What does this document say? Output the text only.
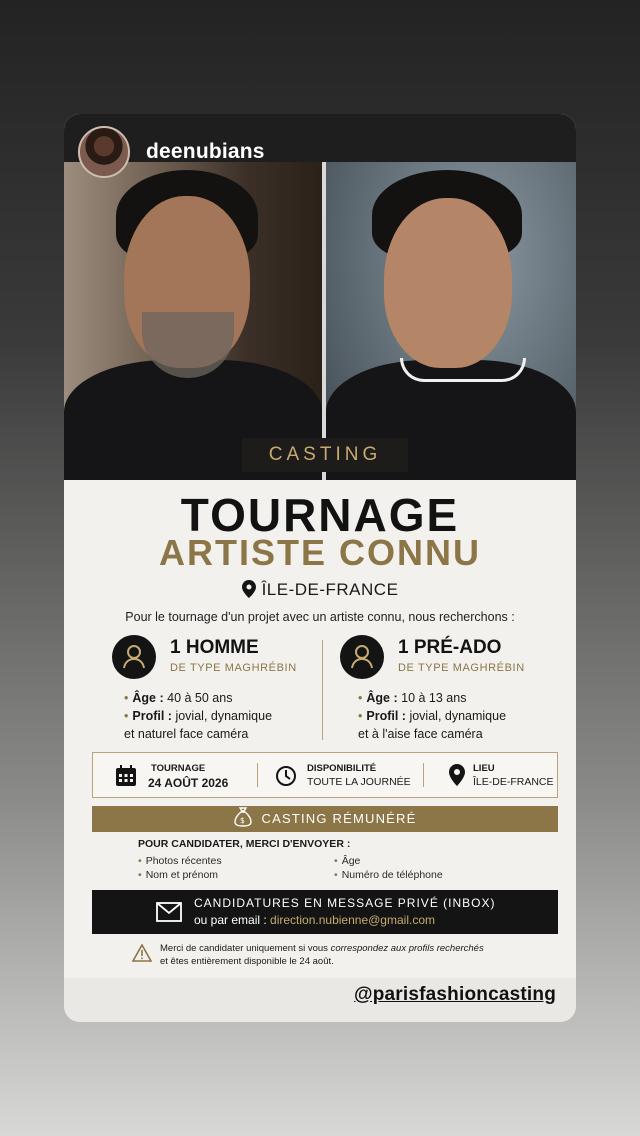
deenubians
CASTING
TOURNAGE
ARTISTE CONNU
ÎLE-DE-FRANCE
Pour le tournage d'un projet avec un artiste connu, nous recherchons :
1 HOMME
DE TYPE MAGHRÉBIN
• Âge : 40 à 50 ans
• Profil : jovial, dynamique
et naturel face caméra
1 PRÉ-ADO
DE TYPE MAGHRÉBIN
• Âge : 10 à 13 ans
• Profil : jovial, dynamique
et à l'aise face caméra
TOURNAGE
24 AOÛT 2026
DISPONIBILITÉ
TOUTE LA JOURNÉE
LIEU
ÎLE-DE-FRANCE
$ CASTING RÉMUNÉRÉ
POUR CANDIDATER, MERCI D'ENVOYER :
• Photos récentes
• Nom et prénom
• Âge
• Numéro de téléphone
CANDIDATURES EN MESSAGE PRIVÉ (INBOX)
ou par email : direction.nubienne@gmail.com
Merci de candidater uniquement si vous correspondez aux profils recherchés
et êtes entièrement disponible le 24 août.
@parisfashioncasting
